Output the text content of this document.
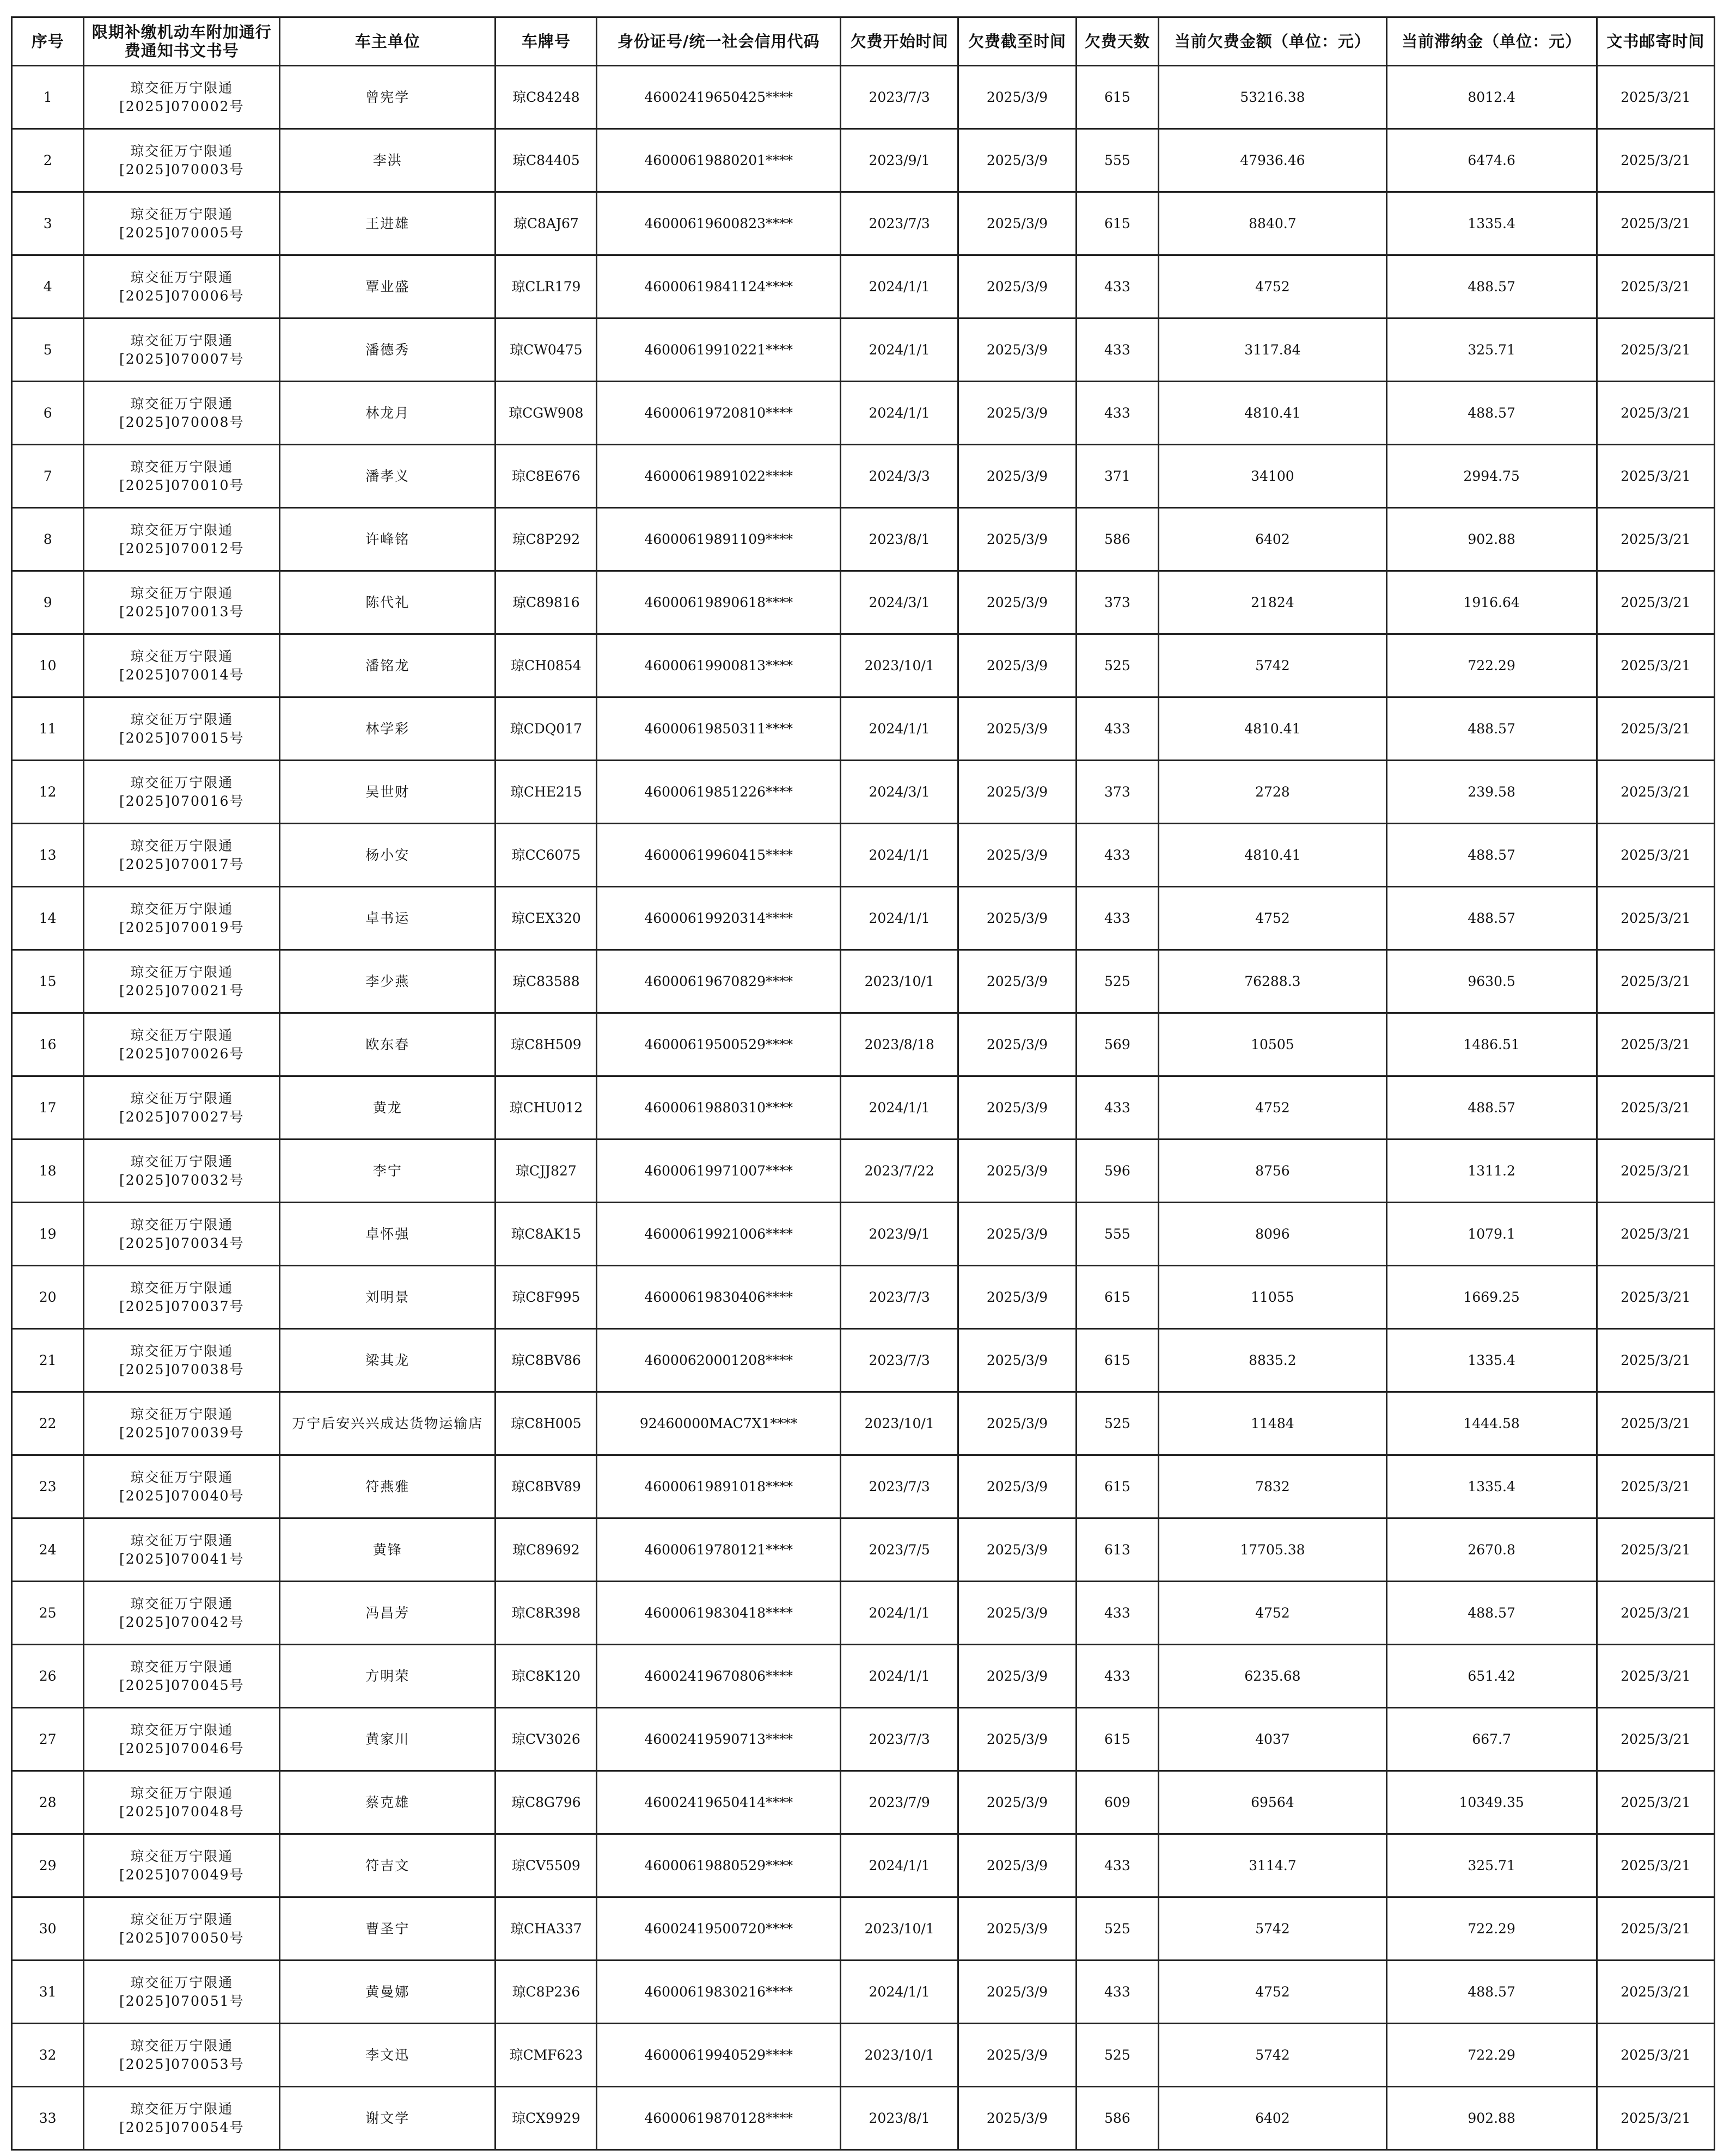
序号	限期补缴机动车附加通行费通知书文书号	车主单位	车牌号	身份证号/统一社会信用代码	欠费开始时间	欠费截至时间	欠费天数	当前欠费金额（单位：元）	当前滞纳金（单位：元）	文书邮寄时间
1	琼交征万宁限通[2025]070002号	曾宪学	琼C84248	46002419650425****	2023/7/3	2025/3/9	615	53216.38	8012.4	2025/3/21
2	琼交征万宁限通[2025]070003号	李洪	琼C84405	46000619880201****	2023/9/1	2025/3/9	555	47936.46	6474.6	2025/3/21
3	琼交征万宁限通[2025]070005号	王进雄	琼C8AJ67	46000619600823****	2023/7/3	2025/3/9	615	8840.7	1335.4	2025/3/21
4	琼交征万宁限通[2025]070006号	覃业盛	琼CLR179	46000619841124****	2024/1/1	2025/3/9	433	4752	488.57	2025/3/21
5	琼交征万宁限通[2025]070007号	潘德秀	琼CW0475	46000619910221****	2024/1/1	2025/3/9	433	3117.84	325.71	2025/3/21
6	琼交征万宁限通[2025]070008号	林龙月	琼CGW908	46000619720810****	2024/1/1	2025/3/9	433	4810.41	488.57	2025/3/21
7	琼交征万宁限通[2025]070010号	潘孝义	琼C8E676	46000619891022****	2024/3/3	2025/3/9	371	34100	2994.75	2025/3/21
8	琼交征万宁限通[2025]070012号	许峰铭	琼C8P292	46000619891109****	2023/8/1	2025/3/9	586	6402	902.88	2025/3/21
9	琼交征万宁限通[2025]070013号	陈代礼	琼C89816	46000619890618****	2024/3/1	2025/3/9	373	21824	1916.64	2025/3/21
10	琼交征万宁限通[2025]070014号	潘铭龙	琼CH0854	46000619900813****	2023/10/1	2025/3/9	525	5742	722.29	2025/3/21
11	琼交征万宁限通[2025]070015号	林学彩	琼CDQ017	46000619850311****	2024/1/1	2025/3/9	433	4810.41	488.57	2025/3/21
12	琼交征万宁限通[2025]070016号	吴世财	琼CHE215	46000619851226****	2024/3/1	2025/3/9	373	2728	239.58	2025/3/21
13	琼交征万宁限通[2025]070017号	杨小安	琼CC6075	46000619960415****	2024/1/1	2025/3/9	433	4810.41	488.57	2025/3/21
14	琼交征万宁限通[2025]070019号	卓书运	琼CEX320	46000619920314****	2024/1/1	2025/3/9	433	4752	488.57	2025/3/21
15	琼交征万宁限通[2025]070021号	李少燕	琼C83588	46000619670829****	2023/10/1	2025/3/9	525	76288.3	9630.5	2025/3/21
16	琼交征万宁限通[2025]070026号	欧东春	琼C8H509	46000619500529****	2023/8/18	2025/3/9	569	10505	1486.51	2025/3/21
17	琼交征万宁限通[2025]070027号	黄龙	琼CHU012	46000619880310****	2024/1/1	2025/3/9	433	4752	488.57	2025/3/21
18	琼交征万宁限通[2025]070032号	李宁	琼CJJ827	46000619971007****	2023/7/22	2025/3/9	596	8756	1311.2	2025/3/21
19	琼交征万宁限通[2025]070034号	卓怀强	琼C8AK15	46000619921006****	2023/9/1	2025/3/9	555	8096	1079.1	2025/3/21
20	琼交征万宁限通[2025]070037号	刘明景	琼C8F995	46000619830406****	2023/7/3	2025/3/9	615	11055	1669.25	2025/3/21
21	琼交征万宁限通[2025]070038号	梁其龙	琼C8BV86	46000620001208****	2023/7/3	2025/3/9	615	8835.2	1335.4	2025/3/21
22	琼交征万宁限通[2025]070039号	万宁后安兴兴成达货物运输店	琼C8H005	92460000MAC7X1****	2023/10/1	2025/3/9	525	11484	1444.58	2025/3/21
23	琼交征万宁限通[2025]070040号	符燕雅	琼C8BV89	46000619891018****	2023/7/3	2025/3/9	615	7832	1335.4	2025/3/21
24	琼交征万宁限通[2025]070041号	黄锋	琼C89692	46000619780121****	2023/7/5	2025/3/9	613	17705.38	2670.8	2025/3/21
25	琼交征万宁限通[2025]070042号	冯昌芳	琼C8R398	46000619830418****	2024/1/1	2025/3/9	433	4752	488.57	2025/3/21
26	琼交征万宁限通[2025]070045号	方明荣	琼C8K120	46002419670806****	2024/1/1	2025/3/9	433	6235.68	651.42	2025/3/21
27	琼交征万宁限通[2025]070046号	黄家川	琼CV3026	46002419590713****	2023/7/3	2025/3/9	615	4037	667.7	2025/3/21
28	琼交征万宁限通[2025]070048号	蔡克雄	琼C8G796	46002419650414****	2023/7/9	2025/3/9	609	69564	10349.35	2025/3/21
29	琼交征万宁限通[2025]070049号	符吉文	琼CV5509	46000619880529****	2024/1/1	2025/3/9	433	3114.7	325.71	2025/3/21
30	琼交征万宁限通[2025]070050号	曹圣宁	琼CHA337	46002419500720****	2023/10/1	2025/3/9	525	5742	722.29	2025/3/21
31	琼交征万宁限通[2025]070051号	黄曼娜	琼C8P236	46000619830216****	2024/1/1	2025/3/9	433	4752	488.57	2025/3/21
32	琼交征万宁限通[2025]070053号	李文迅	琼CMF623	46000619940529****	2023/10/1	2025/3/9	525	5742	722.29	2025/3/21
33	琼交征万宁限通[2025]070054号	谢文学	琼CX9929	46000619870128****	2023/8/1	2025/3/9	586	6402	902.88	2025/3/21
